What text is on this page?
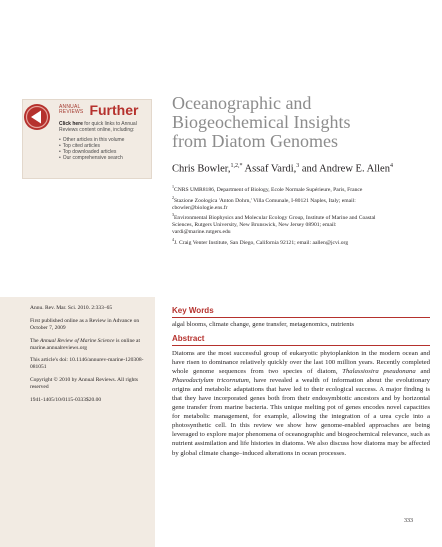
ANNUAL REVIEWS Further
Click here for quick links to Annual Reviews content online, including:
• Other articles in this volume
• Top cited articles
• Top downloaded articles
• Our comprehensive search
Oceanographic and
Biogeochemical Insights
from Diatom Genomes
Chris Bowler,$^{1,2,*}$ Assaf Vardi,$^3$ and Andrew E. Allen$^4$
$^1$CNRS UMR8186, Department of Biology, Ecole Normale Supérieure, Paris, France
$^2$Stazione Zoologica 'Anton Dohrn,' Villa Comunale, I-80121 Naples, Italy; email: cbowler@biologie.ens.fr
$^3$Environmental Biophysics and Molecular Ecology Group, Institute of Marine and Coastal Sciences, Rutgers University, New Brunswick, New Jersey 08901; email: vardi@marine.rutgers.edu
$^4$J. Craig Venter Institute, San Diego, California 92121; email: aallen@jcvi.org
Annu. Rev. Mar. Sci. 2010. 2:333–65
First published online as a Review in Advance on October 7, 2009
The Annual Review of Marine Science is online at marine.annualreviews.org
This article's doi: 10.1146/annurev-marine-120308-081051
Copyright © 2010 by Annual Reviews. All rights reserved
1941-1405/10/0115-0333$20.00
Key Words
algal blooms, climate change, gene transfer, metagenomics, nutrients
Abstract

Diatoms are the most successful group of eukaryotic phytoplankton in the modern ocean and have risen to dominance relatively quickly over the last 100 million years. Recently completed whole genome sequences from two species of diatom, Thalassiosira pseudonana and Phaeodactylum tricornutum, have revealed a wealth of information about the evolutionary origins and metabolic adaptations that have led to their ecological success. A major finding is that they have incorporated genes both from their endosymbiotic ancestors and by horizontal gene transfer from marine bacteria. This unique melting pot of genes encodes novel capacities for metabolic management, for example, allowing the integration of a urea cycle into a photosynthetic cell. In this review we show how genome-enabled approaches are being leveraged to explore major phenomena of oceanographic and biogeochemical relevance, such as nutrient assimilation and life histories in diatoms. We also discuss how diatoms may be affected by global climate change–induced alterations in ocean processes.

333
